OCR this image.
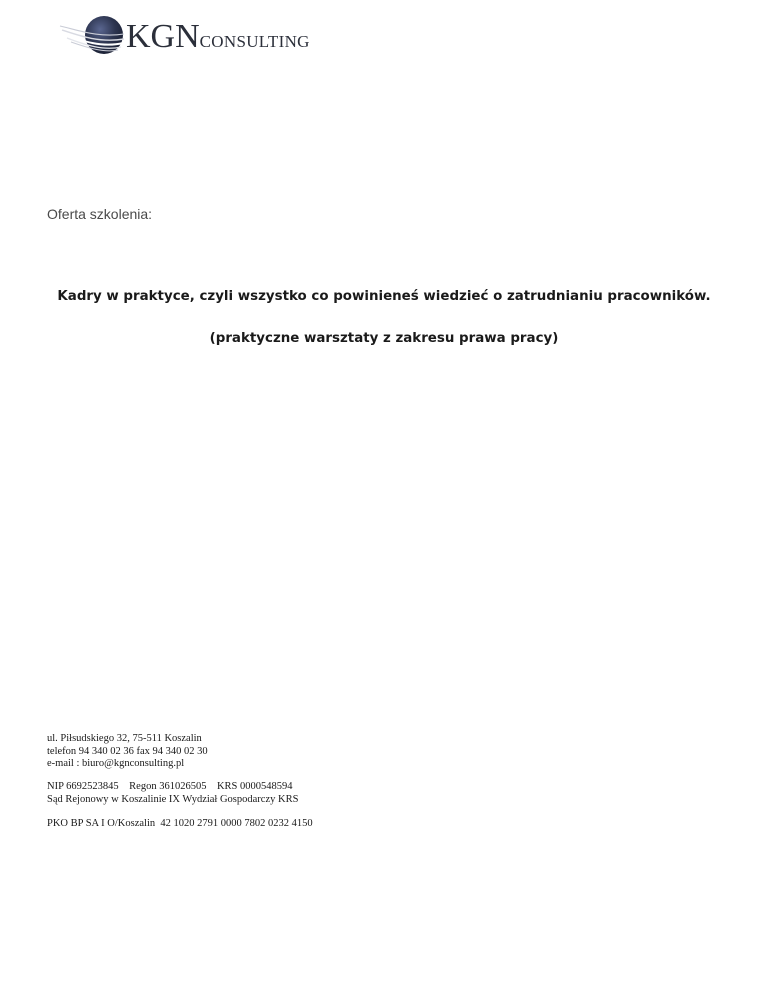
KGNCONSULTING
Oferta szkolenia:
Kadry w praktyce, czyli wszystko co powinieneś wiedzieć o zatrudnianiu pracowników.
(praktyczne warsztaty z zakresu prawa pracy)
ul. Piłsudskiego 32, 75-511 Koszalin
telefon 94 340 02 36 fax 94 340 02 30
e-mail : biuro@kgnconsulting.pl
NIP 6692523845    Regon 361026505    KRS 0000548594
Sąd Rejonowy w Koszalinie IX Wydział Gospodarczy KRS
PKO BP SA I O/Koszalin  42 1020 2791 0000 7802 0232 4150
